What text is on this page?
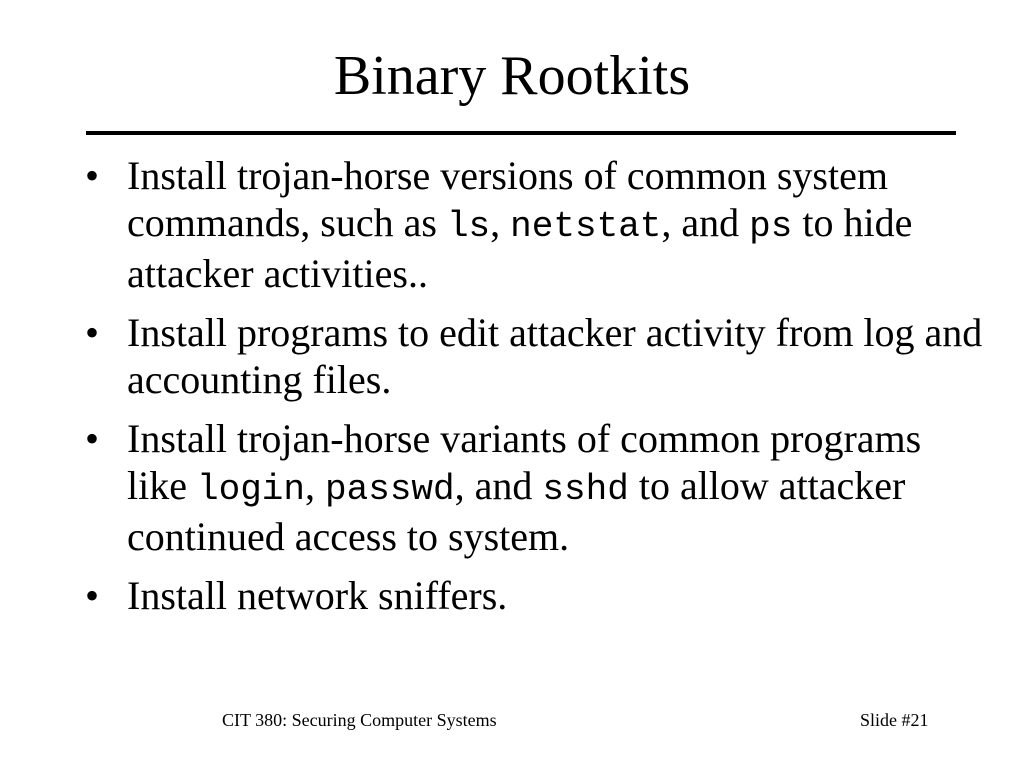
Binary Rootkits
• Install trojan-horse versions of common system commands, such as ls, netstat, and ps to hide attacker activities..
• Install programs to edit attacker activity from log and accounting files.
• Install trojan-horse variants of common programs like login, passwd, and sshd to allow attacker continued access to system.
• Install network sniffers.
CIT 380: Securing Computer Systems	Slide #21
